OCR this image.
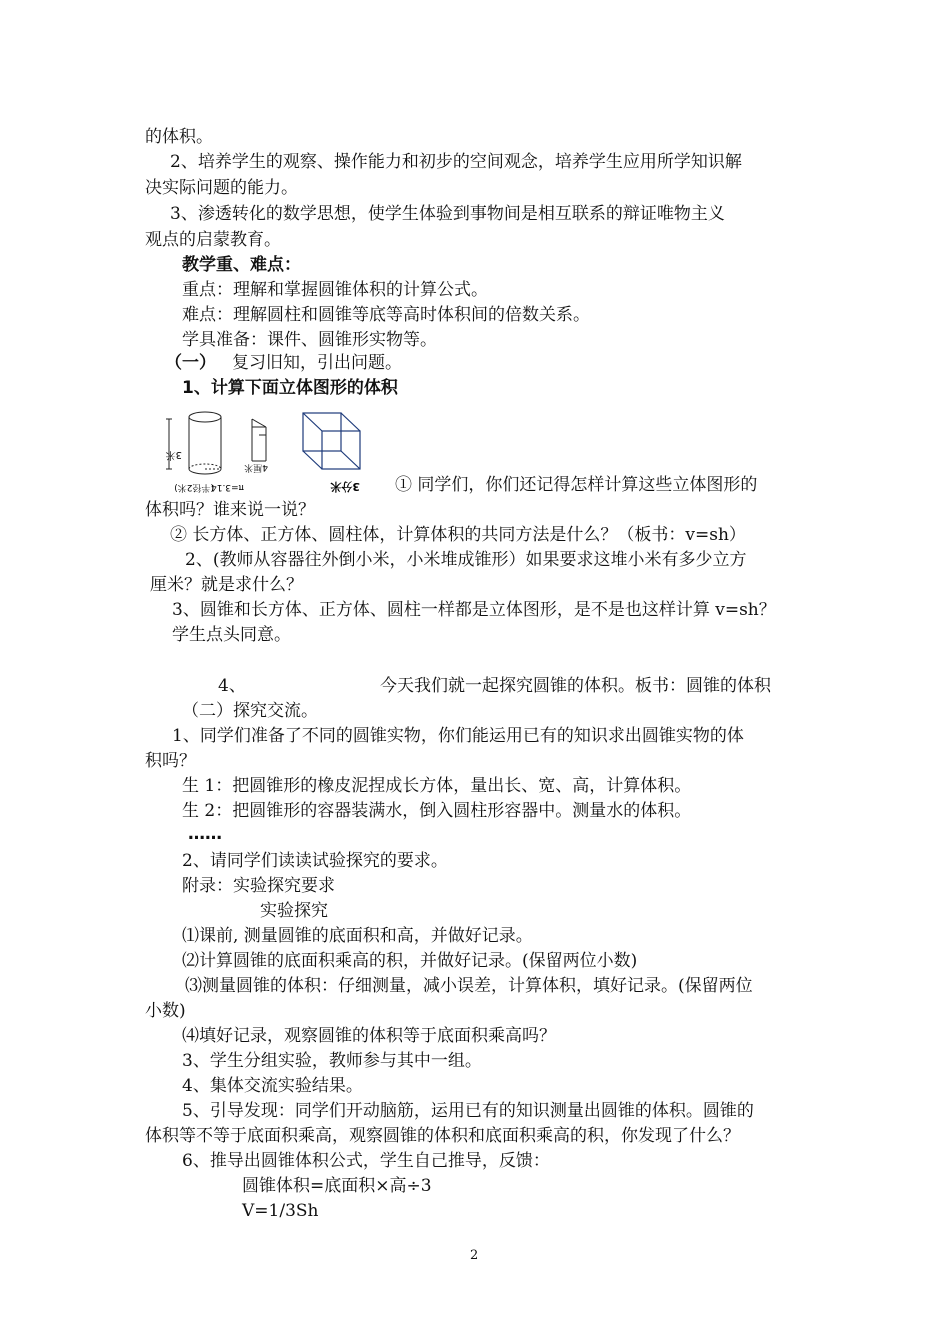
的体积。
2、培养学生的观察、操作能力和初步的空间观念，培养学生应用所学知识解
决实际问题的能力。
3、渗透转化的数学思想，使学生体验到事物间是相互联系的辩证唯物主义
观点的启蒙教育。
教学重、难点：
重点：理解和掌握圆锥体积的计算公式。
难点：理解圆柱和圆锥等底等高时体积间的倍数关系。
学具准备：课件、圆锥形实物等。
（一） 复习旧知，引出问题。
1、计算下面立体图形的体积
3米
(半径2米)
π=3.14
4厘米
3分米 ① 同学们，你们还记得怎样计算这些立体图形的
体积吗？谁来说一说？
② 长方体、正方体、圆柱体，计算体积的共同方法是什么？（板书：v=sh）
2、(教师从容器往外倒小米，小米堆成锥形）如果要求这堆小米有多少立方
厘米？就是求什么？
3、圆锥和长方体、正方体、圆柱一样都是立体图形，是不是也这样计算 v=sh？
学生点头同意。
4、	今天我们就一起探究圆锥的体积。板书：圆锥的体积
（二）探究交流。
1、同学们准备了不同的圆锥实物，你们能运用已有的知识求出圆锥实物的体
积吗？
生 1：把圆锥形的橡皮泥捏成长方体，量出长、宽、高，计算体积。
生 2：把圆锥形的容器装满水，倒入圆柱形容器中。测量水的体积。
……
2、请同学们读读试验探究的要求。
附录：实验探究要求
实验探究
⑴课前, 测量圆锥的底面积和高，并做好记录。
⑵计算圆锥的底面积乘高的积，并做好记录。(保留两位小数)
⑶测量圆锥的体积：仔细测量，减小误差，计算体积，填好记录。(保留两位
小数)
⑷填好记录，观察圆锥的体积等于底面积乘高吗？
3、学生分组实验，教师参与其中一组。
4、集体交流实验结果。
5、引导发现：同学们开动脑筋，运用已有的知识测量出圆锥的体积。圆锥的
体积等不等于底面积乘高，观察圆锥的体积和底面积乘高的积，你发现了什么？
6、推导出圆锥体积公式，学生自己推导，反馈：
圆锥体积=底面积×高÷3
V=1/3Sh
2
